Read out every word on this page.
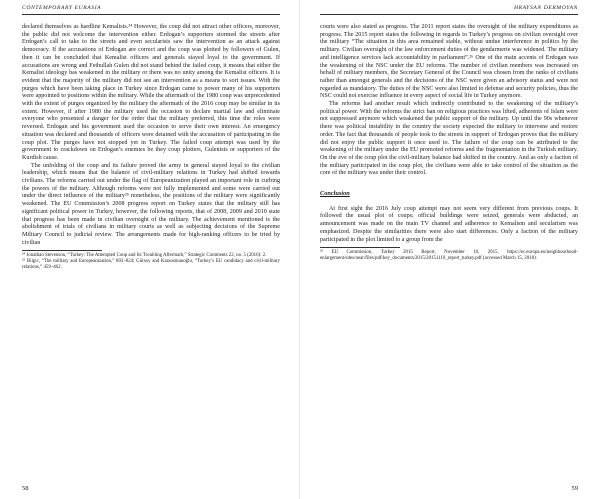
CONTEMPORARY EURASIA

declared themselves as hardline Kemalists.²⁴ However, the coup did not attract other officers, moreover, the public did not welcome the intervention either. Erdogan’s supporters stormed the streets after Erdogan’s call to take to the streets and even secularists saw the intervention as an attack against democracy. If the accusations of Erdogan are correct and the coup was plotted by followers of Gulen, then it can be concluded that Kemalist officers and generals stayed loyal to the government. If accusations are wrong and Fethullah Gulen did not stand behind the failed coup, it means that either the Kemalist ideology has weakened in the military or there was no unity among the Kemalist officers. It is evident that the majority of the military did not see an intervention as a means to sort issues. With the purges which have been taking place in Turkey since Erdogan came to power many of his supporters were appointed to positions within the military. While the aftermath of the 1980 coup was unprecedented with the extent of purges organized by the military the aftermath of the 2016 coup may be similar in its extent. However, if after 1980 the military used the occasion to declare martial law and eliminate everyone who presented a danger for the order that the military preferred, this time the roles were reversed. Erdogan and his government used the occasion to serve their own interest. An emergency situation was declared and thousands of officers were detained with the accusation of participating in the coup plot. The purges have not stopped yet in Turkey. The failed coup attempt was used by the government to crackdown on Erdogan’s enemies be they coup plotters, Gulenists or supporters of the Kurdish cause.

The unfolding of the coup and its failure proved the army in general stayed loyal to the civilian leadership, which means that the balance of civil-military relations in Turkey had shifted towards civilians. The reforms carried out under the flag of Europeanization played an important role in curbing the powers of the military. Although reforms were not fully implemented and some were carried out under the direct influence of the military²⁵ nonetheless, the positions of the military were significantly weakened. The EU Commission’s 2008 progress report on Turkey states that the military still has significant political power in Turkey, however, the following reports, that of 2008, 2009 and 2010 state that progress has been made in civilian oversight of the military. The achievement mentioned is the abolishment of trials of civilians in military courts as well as subjecting decisions of the Supreme Military Council to judicial review. The arrangements made for high-ranking officers to be tried by civilian

²⁴ Jonathan Stevenson, “Turkey: The Attempted Coup and Its Troubling Aftermath,” Strategic Comments 22, no. 5 (2016): 2.

²⁵ Bilgic, “The military and Europeanization,” 803–824; Gürsoy and Karaosmanoğlu, “Turkey’s EU candidacy and civil-military relations,” 459–462.

58
HRAYSAN DERMOYAN

courts were also stated as progress. The 2011 report states the oversight of the military expenditures as progress. The 2015 report states the following in regards to Turkey’s progress on civilian oversight over the military “The situation in this area remained stable, without undue interference in politics by the military. Civilian oversight of the law enforcement duties of the gendarmerie was widened. The military and intelligence services lack accountability in parliament”.²⁶ One of the main accents of Erdogan was the weakening of the NSC under the EU reforms. The number of civilian members was increased on behalf of military members, the Secretary General of the Council was chosen from the ranks of civilians rather than amongst generals and the decisions of the NSC were given an advisory status and were not regarded as mandatory. The duties of the NSC were also limited to defense and security policies, thus the NSC could not exercise influence in every aspect of social life in Turkey anymore.

The reforms had another result which indirectly contributed to the weakening of the military’s political power. With the reforms the strict ban on religious practices was lifted, adherents of Islam were not suppressed anymore which weakened the public support of the military. Up until the 90s whenever there was political instability in the country the society expected the military to intervene and restore order. The fact that thousands of people took to the streets in support of Erdogan proves that the military did not enjoy the public support it once used to. The failure of the coup can be attributed to the weakening of the military under the EU promoted reforms and the fragmentation in the Turkish military. On the eve of the coup plot the civil-military balance had shifted in the country. And as only a faction of the military participated in the coup plot, the civilians were able to take control of the situation as the core of the military was under their control.

Conclusion

At first sight the 2016 July coup attempt may not seem very different from previous coups. It followed the usual plot of coups; official buildings were seized, generals were abducted, an announcement was made on the main TV channel and adherence to Kemalism and secularism was emphasized. Despite the similarities there were also start differences. Only a faction of the military participated in the plot limited to a group from the

²⁶ EU Commission, Turkey 2015 Report, November 10, 2015, https://ec.europa.eu/neighbourhood-enlargement/sites/near/files/pdf/key_documents/2015/20151110_report_turkey.pdf (accessed March 15, 2018).

59
